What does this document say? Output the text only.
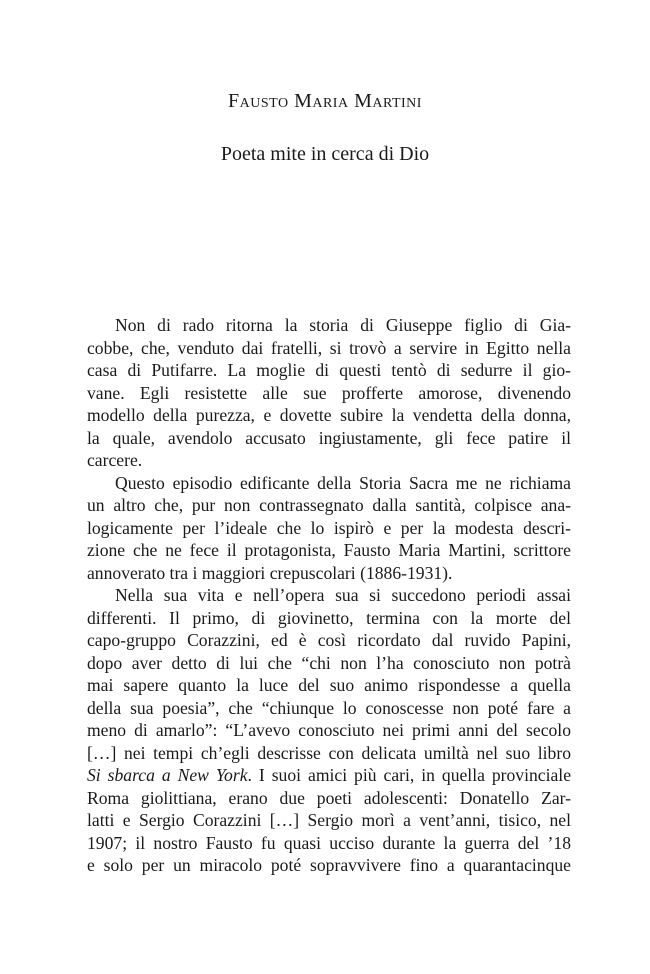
Fausto Maria Martini
Poeta mite in cerca di Dio
Non di rado ritorna la storia di Giuseppe figlio di Gia-
cobbe, che, venduto dai fratelli, si trovò a servire in Egitto nella
casa di Putifarre. La moglie di questi tentò di sedurre il gio-
vane. Egli resistette alle sue profferte amorose, divenendo
modello della purezza, e dovette subire la vendetta della donna,
la quale, avendolo accusato ingiustamente, gli fece patire il
carcere.
Questo episodio edificante della Storia Sacra me ne richiama
un altro che, pur non contrassegnato dalla santità, colpisce ana-
logicamente per l’ideale che lo ispirò e per la modesta descri-
zione che ne fece il protagonista, Fausto Maria Martini, scrittore
annoverato tra i maggiori crepuscolari (1886-1931).
Nella sua vita e nell’opera sua si succedono periodi assai
differenti. Il primo, di giovinetto, termina con la morte del
capo-gruppo Corazzini, ed è così ricordato dal ruvido Papini,
dopo aver detto di lui che “chi non l’ha conosciuto non potrà
mai sapere quanto la luce del suo animo rispondesse a quella
della sua poesia”, che “chiunque lo conoscesse non poté fare a
meno di amarlo”: “L’avevo conosciuto nei primi anni del secolo
[…] nei tempi ch’egli descrisse con delicata umiltà nel suo libro
Si sbarca a New York. I suoi amici più cari, in quella provinciale
Roma giolittiana, erano due poeti adolescenti: Donatello Zar-
latti e Sergio Corazzini […] Sergio morì a vent’anni, tisico, nel
1907; il nostro Fausto fu quasi ucciso durante la guerra del ’18
e solo per un miracolo poté sopravvivere fino a quarantacinque
